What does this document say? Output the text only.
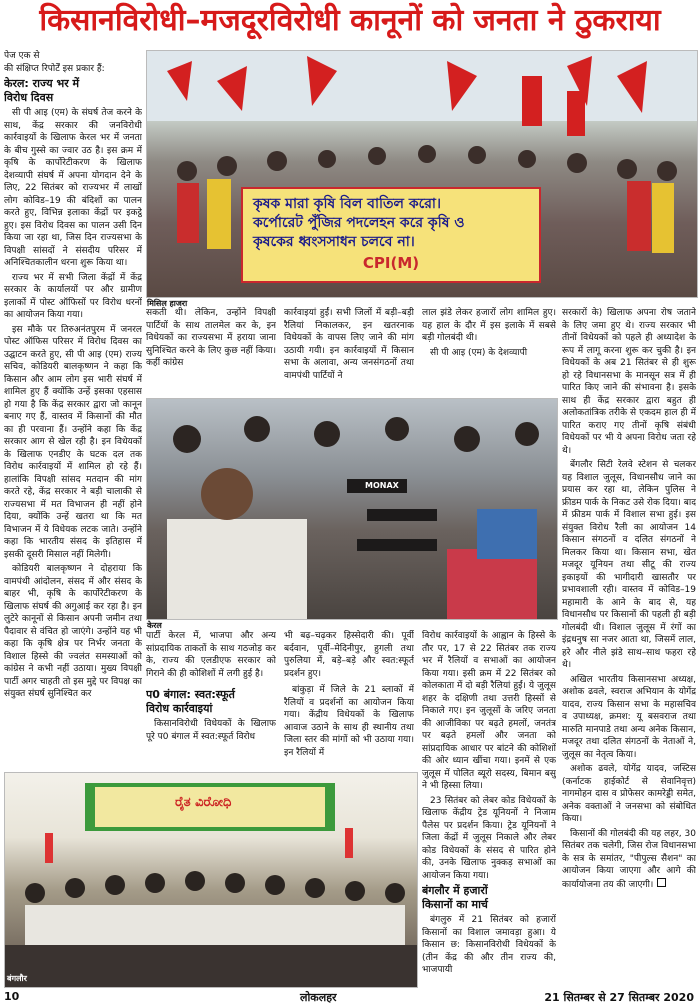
किसानविरोधी–मजदूरविरोधी कानूनों को जनता ने ठुकराया

पेज एक से
की संक्षिप्त रिपोर्टें इस प्रकार हैं:

केरल: राज्य भर में
विरोध दिवस

सी पी आइ (एम) के संघर्ष तेज करने के साथ, केंद्र सरकार की जनविरोधी कार्रवाइयों के खिलाफ केरल भर में जनता के बीच गुस्से का ज्वार उठ है। इस क्रम में कृषि के कार्पोरेटीकरण के खिलाफ देशव्यापी संघर्ष में अपना योगदान देने के लिए, 22 सितंबर को राज्यभर में लाखों लोग कोविड–19 की बंदिशों का पालन करते हुए, विभिन्न इलाका केंद्रों पर इकट्ठे हुए। इस विरोध दिवस का पालन उसी दिन किया जा रहा था, जिस दिन राज्यसभा के विपक्षी सांसदों ने संसदीय परिसर में अनिश्चितकालीन धरना शुरू किया था।

राज्य भर में सभी जिला केंद्रों में केंद्र सरकार के कार्यालयों पर और ग्रामीण इलाकों में पोस्ट ऑफिसों पर विरोध धरनों का आयोजन किया गया।

इस मौके पर तिरुअनंतपुरम में जनरल पोस्ट ऑफिस परिसर में विरोध दिवस का उद्घाटन करते हुए, सी पी आइ (एम) राज्य सचिव, कोडियरी बालकृष्णन ने कहा कि किसान और आम लोग इस भारी संघर्ष में शामिल हुए हैं क्योंकि उन्हें इसका एहसास हो गया है कि केंद्र सरकार द्वारा जो कानून बनाए गए हैं, वास्तव में किसानों की मौत का ही परवाना हैं। उन्होंने कहा कि केंद्र सरकार आग से खेल रही है। इन विधेयकों के खिलाफ एनडीए के घटक दल तक विरोध कार्रवाइयों में शामिल हो रहे हैं। हालांकि विपक्षी सांसद मतदान की मांग करते रहे, केंद्र सरकार ने बड़ी चालाकी से राज्यसभा में मत विभाजन ही नहीं होने दिया, क्योंकि उन्हें खतरा था कि मत विभाजन में ये विधेयक लटक जाते। उन्होंने कहा कि भारतीय संसद के इतिहास में इसकी दूसरी मिसाल नहीं मिलेगी।

कोडियरी बालकृष्णन ने दोहराया कि वामपंथी आंदोलन, संसद में और संसद के बाहर भी, कृषि के कार्पोरेटीकरण के खिलाफ संघर्ष की अगुआई कर रहा है। इन लुटेरे कानूनों से किसान अपनी जमीन तथा पैदावार से वंचित हो जाएंगे। उन्होंने यह भी कहा कि कृषि क्षेत्र पर निर्भर जनता के विशाल हिस्से की ज्वलंत समस्याओं को कांग्रेस ने कभी नहीं उठाया। मुख्य विपक्षी पार्टी अगर चाहती तो इस मुद्दे पर विपक्ष का संयुक्त संघर्ष सुनिश्चित कर

কৃষক মারা কৃষি বিল বাতিল করো।
কর্পোরেট পুঁজির পদলেহন করে কৃষি ও
কৃষকের ধ্বংসসাধন চলবে না।
CPI(M)
मिसिल हाजरा

सकती थी। लेकिन, उन्होंने विपक्षी पार्टियों के साथ तालमेल कर के, इन विधेयकों का राज्यसभा में हराया जाना सुनिश्चित करने के लिए कुछ नहीं किया। कहीं कांग्रेस

कार्रवाइयां हुईं। सभी जिलों में बड़ी–बड़ी रैलियां निकालकर, इन खतरनाक विधेयकों के वापस लिए जाने की मांग उठायी गयी। इन कार्रवाइयों में किसान सभा के अलावा, अन्य जनसंगठनों तथा वामपंथी पार्टियों ने

लाल झंडे लेकर हजारों लोग शामिल हुए। यह हाल के दौर में इस इलाके में सबसे बड़ी गोलबंदी थी।

सी पी आइ (एम) के देशव्यापी

MONAX
केरल

सरकारों के) खिलाफ अपना रोष जताने के लिए जमा हुए थे। राज्य सरकार भी तीनों विधेयकों को पहले ही अध्यादेश के रूप में लागू करना शुरू कर चुकी है। इन विधेयकों के अब 21 सितंबर से ही शुरू हो रहे विधानसभा के मानसून सत्र में ही पारित किए जाने की संभावना है। इसके साथ ही केंद्र सरकार द्वारा बहुत ही अलोकतांत्रिक तरीके से एकदम हाल ही में पारित कराए गए तीनों कृषि संबंधी विधेयकों पर भी ये अपना विरोध जता रहे थे।

बेंगलौर सिटी रेलवे स्टेशन से चलकर यह विशाल जुलूस, विधानसौध जाने का प्रयास कर रहा था, लेकिन पुलिस ने फ्रीडम पार्क के निकट उसे रोक दिया। बाद में फ्रीडम पार्क में विशाल सभा हुई। इस संयुक्त विरोध रैली का आयोजन 14 किसान संगठनों व दलित संगठनों ने मिलकर किया था। किसान सभा, खेत मजदूर यूनियन तथा सीटू की राज्य इकाइयों की भागीदारी खासतौर पर प्रभावशाली रही। वास्तव में कोविड–19 महामारी के आने के बाद से, यह विधानसौध पर किसानों की पहली ही बड़ी गोलबंदी थी। विशाल जुलूस में रंगों का इंद्रधनुष सा नजर आता था, जिसमें लाल, हरे और नीले झंडे साथ–साथ फहरा रहे थे।

अखिल भारतीय किसानसभा अध्यक्ष, अशोक ढवले, स्वराज अभियान के योगेंद्र यादव, राज्य किसान सभा के महासचिव व उपाध्यक्ष, क्रमश: यू बसवराज तथा मारुति मानपाडे तथा अन्य अनेक किसान, मजदूर तथा दलित संगठनों के नेताओं ने, जुलूस का नेतृत्व किया।

अशोक ढवले, योगेंद्र यादव, जस्टिस (कर्नाटक हाईकोर्ट से सेवानिवृत्त) नागमोहन दास व प्रोफेसर कामरेड्डी समेत, अनेक वक्ताओं ने जनसभा को संबोधित किया।

किसानों की गोलबंदी की यह लहर, 30 सितंबर तक चलेगी, जिस रोज विधानसभा के सत्र के समांतर, "पीपुल्स सैशन" का आयोजन किया जाएगा और आगे की कार्यायोजना तय की जाएगी।

पार्टी केरल में, भाजपा और अन्य सांप्रदायिक ताकतों के साथ गठजोड़ कर के, राज्य की एलडीएफ सरकार को गिराने की ही कोशिशों में लगी हुई है।

प0 बंगाल: स्वत:स्फूर्त
विरोध कार्रवाइयां

किसानविरोधी विधेयकों के खिलाफ पूरे प0 बंगाल में स्वत:स्फूर्त विरोध

भी बढ़–चढ़कर हिस्सेदारी की। पूर्वी बर्दवान, पूर्वी–मेदिनीपुर, हुगली तथा पुरुलिया में, बड़े–बड़े और स्वत:स्फूर्त प्रदर्शन हुए।

बांकुड़ा में जिले के 21 ब्लाकों में रैलियों व प्रदर्शनों का आयोजन किया गया। केंद्रीय विधेयकों के खिलाफ आवाज उठाने के साथ ही स्थानीय तथा जिला स्तर की मांगों को भी उठाया गया। इन रैलियों में

विरोध कार्रवाइयों के आह्वान के हिस्से के तौर पर, 17 से 22 सितंबर तक राज्य भर में रैलियों व सभाओं का आयोजन किया गया। इसी क्रम में 22 सितंबर को कोलकाता में दो बड़ी रैलियां हुईं। ये जुलूस शहर के दक्षिणी तथा उत्तरी हिस्सों से निकाले गए। इन जुलूसों के जरिए जनता की आजीविका पर बढ़ते हमलों, जनतंत्र पर बढ़ते हमलों और जनता को सांप्रदायिक आधार पर बांटने की कोशिशों की ओर ध्यान खींचा गया। इनमें से एक जुलूस में पोलित ब्यूरो सदस्य, बिमान बसु ने भी हिस्सा लिया।

23 सितंबर को लेबर कोड विधेयकों के खिलाफ केंद्रीय ट्रेड यूनियनों ने निजाम पैलेस पर प्रदर्शन किया। ट्रेड यूनियनों ने जिला केंद्रों में जुलूस निकाले और लेबर कोड विधेयकों के संसद से पारित होने की, उनके खिलाफ नुक्कड़ सभाओं का आयोजन किया गया।

बंगलौर में हजारों
किसानों का मार्च

बंगलुरु में 21 सितंबर को हजारों किसानों का विशाल जमावड़ा हुआ। ये किसान छ: किसानविरोधी विधेयकों के (तीन केंद्र की और तीन राज्य की, भाजपायी

ರೈತ ವಿರೋಧಿ
बंगलौर
10	लोकलहर	21 सितम्बर से 27 सितम्बर 2020
